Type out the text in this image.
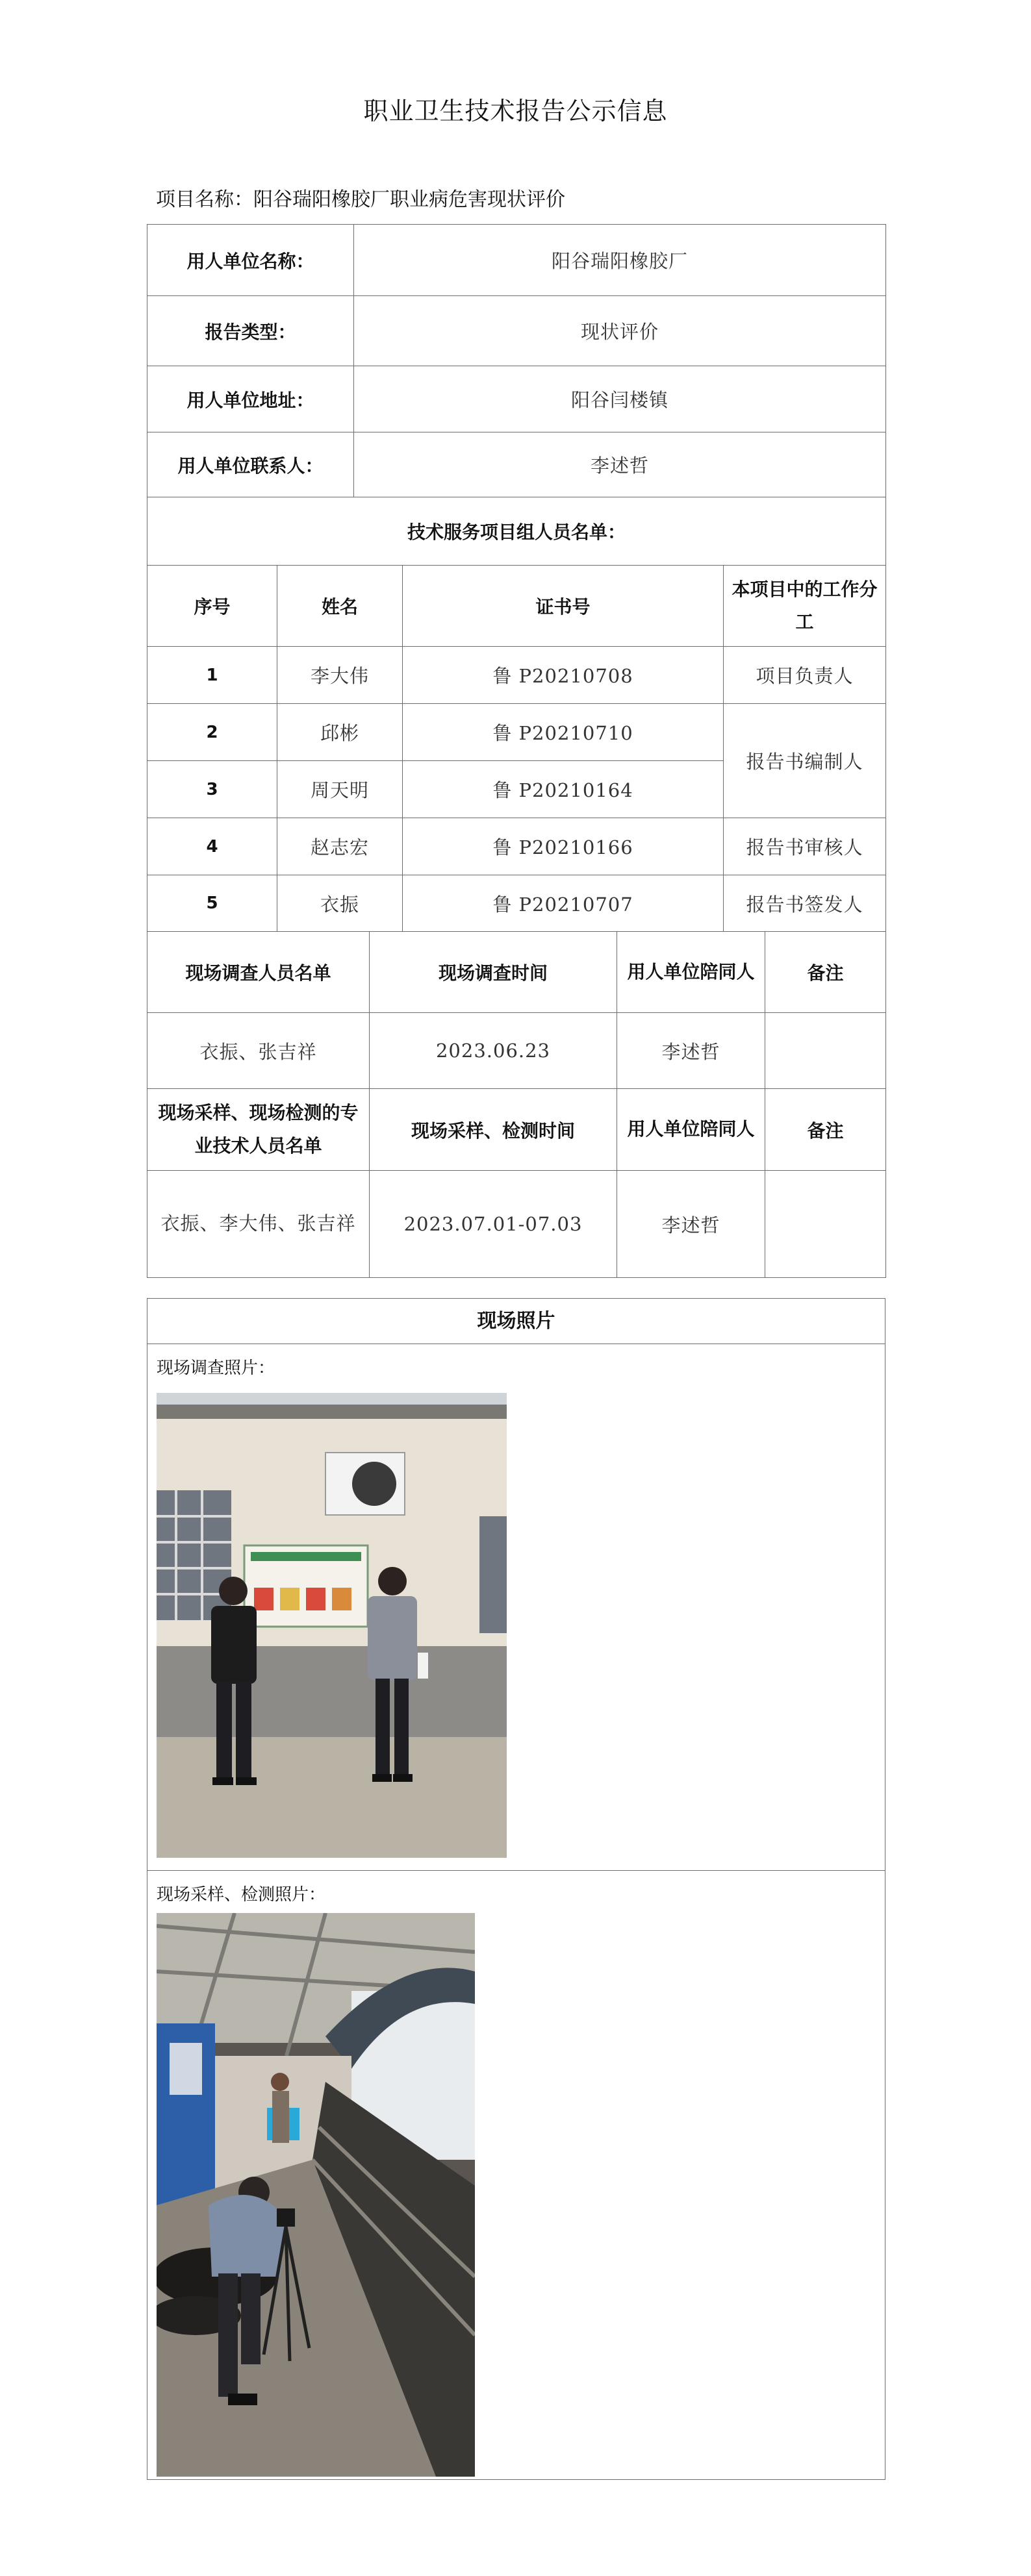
职业卫生技术报告公示信息
项目名称：阳谷瑞阳橡胶厂职业病危害现状评价
用人单位名称：	阳谷瑞阳橡胶厂
报告类型：	现状评价
用人单位地址：	阳谷闫楼镇
用人单位联系人：	李述哲
技术服务项目组人员名单：	
序号	姓名	证书号	本项目中的工作分工
1	李大伟	鲁 P20210708	项目负责人
2	邱彬	鲁 P20210710	报告书编制人
3	周天明	鲁 P20210164	
4	赵志宏	鲁 P20210166	报告书审核人
5	衣振	鲁 P20210707	报告书签发人
现场调查人员名单	现场调查时间	用人单位陪同人	备注
衣振、张吉祥	2023.06.23	李述哲	
现场采样、现场检测的专业技术人员名单	现场采样、检测时间	用人单位陪同人	备注
衣振、李大伟、张吉祥	2023.07.01-07.03	李述哲	
现场照片
现场调查照片：
现场采样、检测照片：
